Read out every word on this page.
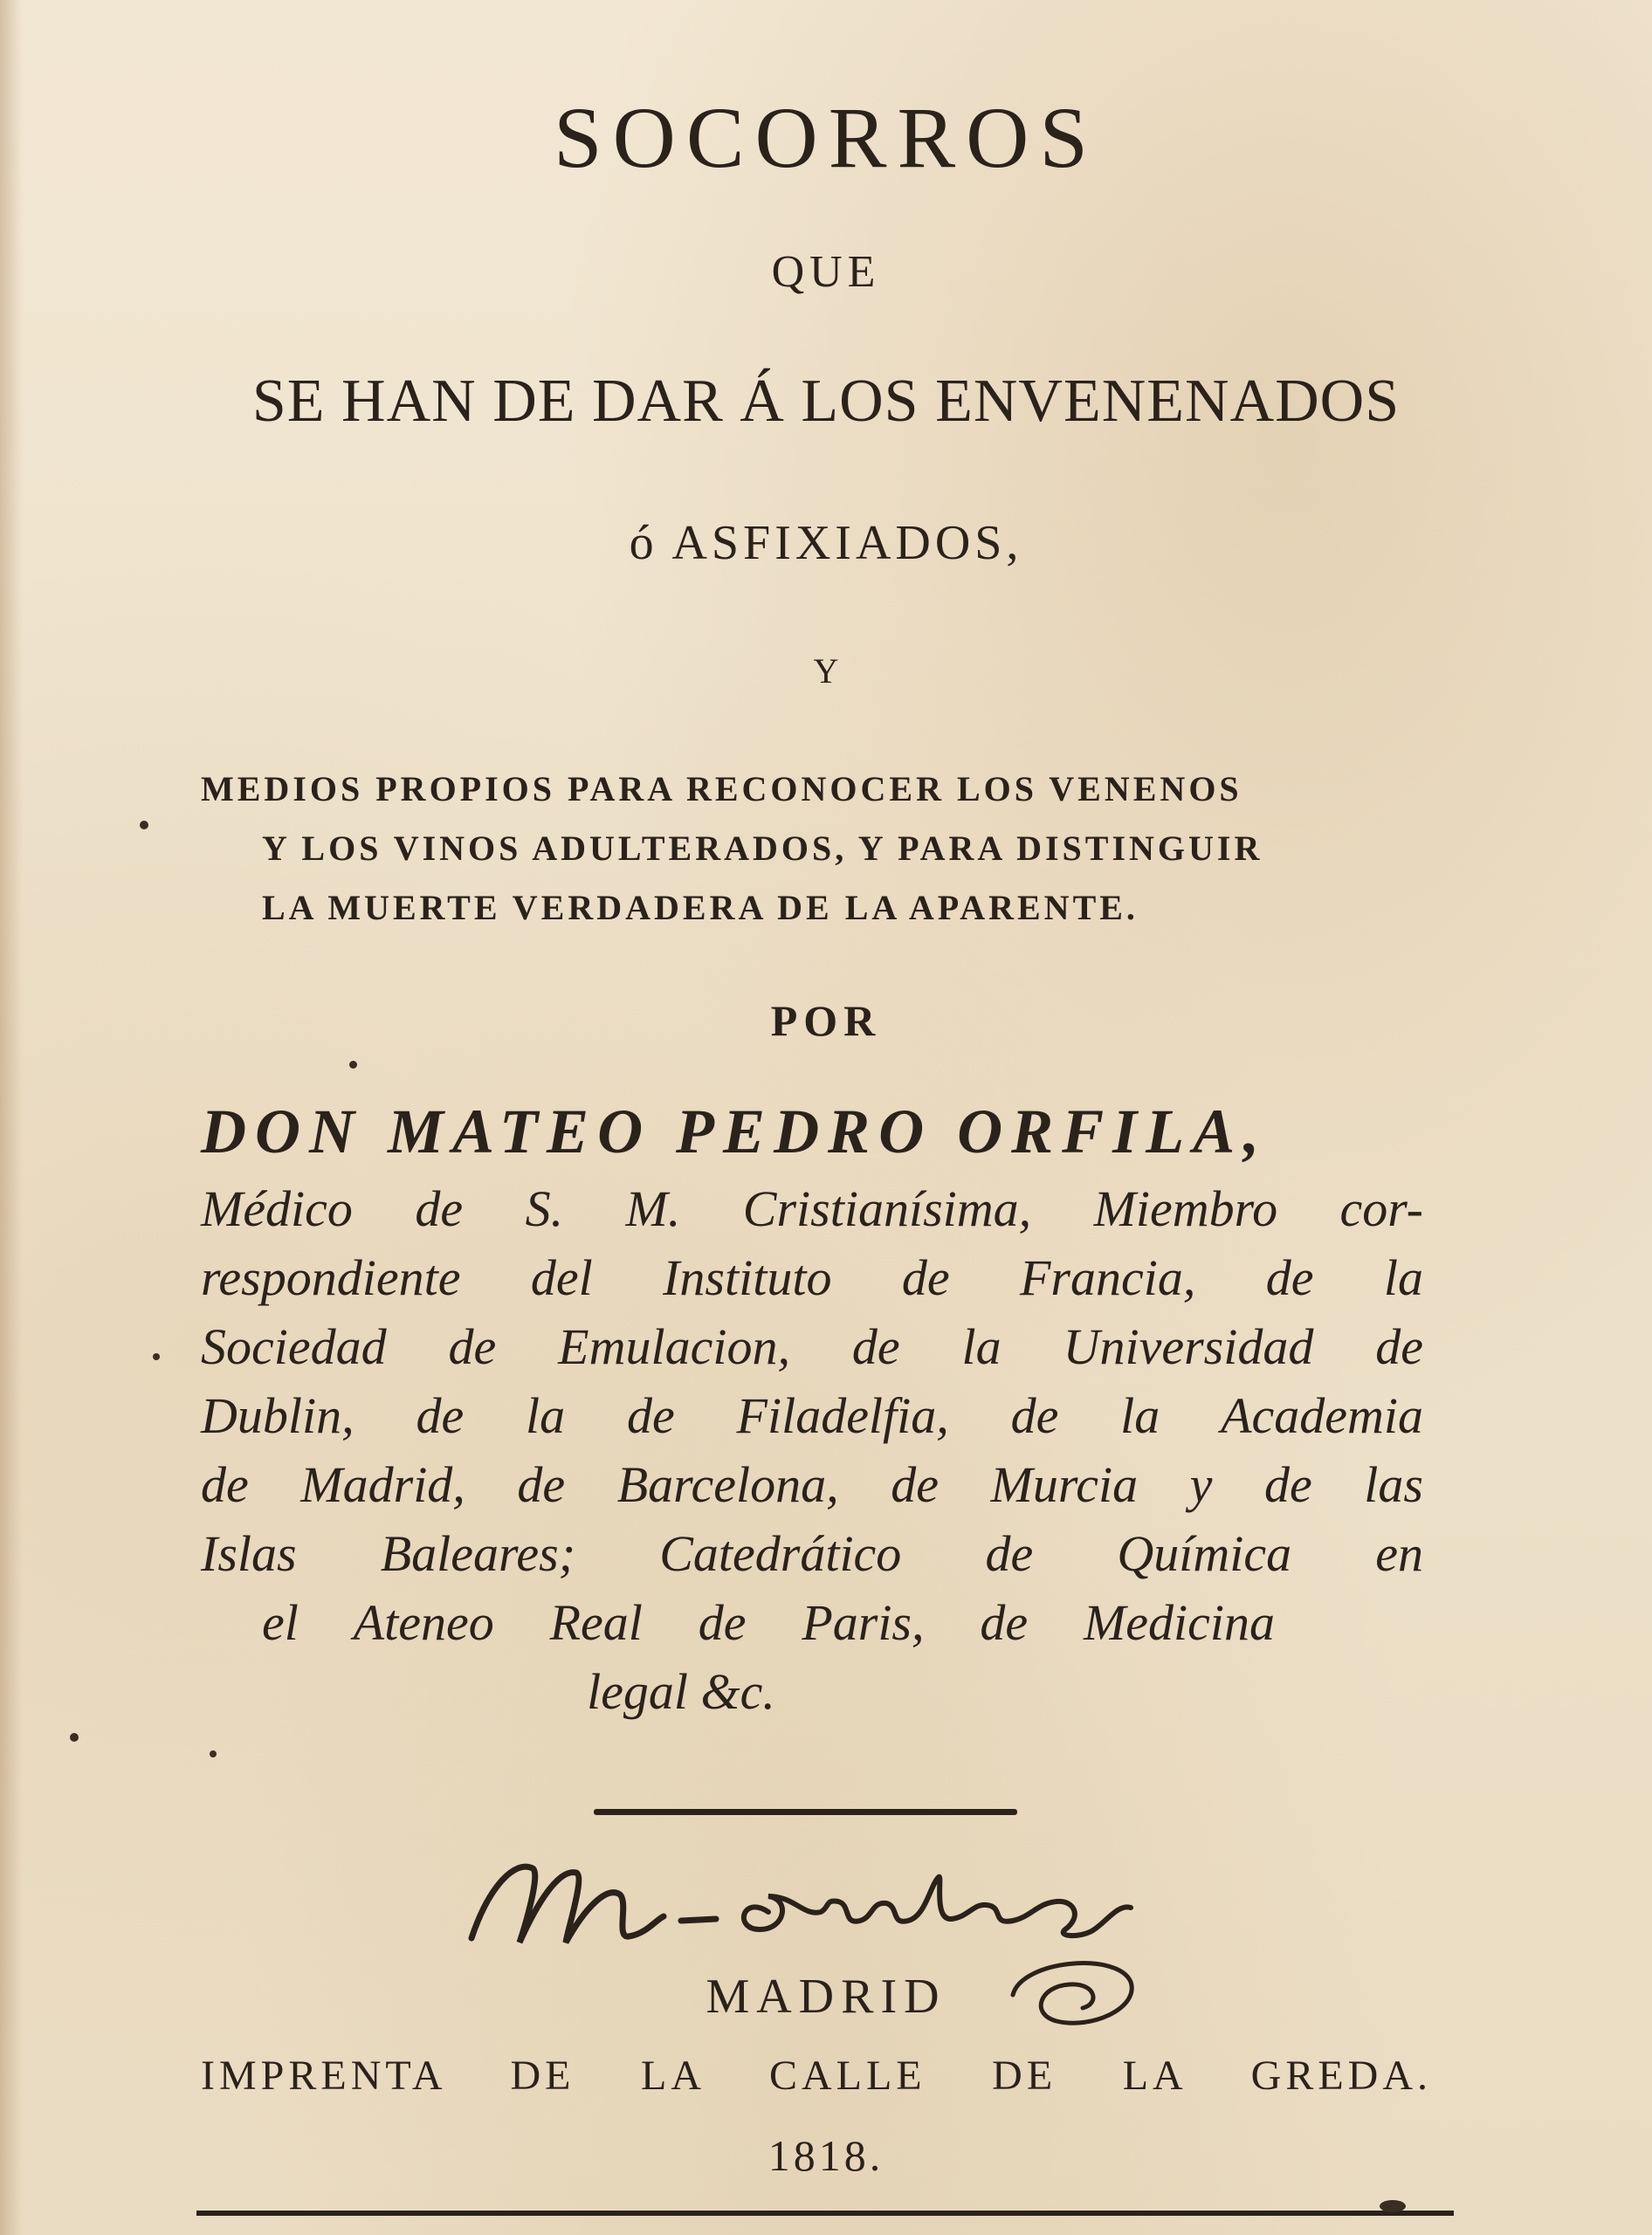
SOCORROS
QUE
SE HAN DE DAR Á LOS ENVENENADOS
ó ASFIXIADOS,
Y
MEDIOS PROPIOS PARA RECONOCER LOS VENENOS
Y LOS VINOS ADULTERADOS, Y PARA DISTINGUIR
LA MUERTE VERDADERA DE LA APARENTE.
POR
DON MATEO PEDRO ORFILA,
Médico de S. M. Cristianísima, Miembro cor-
respondiente del Instituto de Francia, de la
Sociedad de Emulacion, de la Universidad de
Dublin, de la de Filadelfia, de la Academia
de Madrid, de Barcelona, de Murcia y de las
Islas Baleares; Catedrático de Química en
el Ateneo Real de Paris, de Medicina
legal &c.
MADRID
IMPRENTA DE LA CALLE DE LA GREDA.
1818.
